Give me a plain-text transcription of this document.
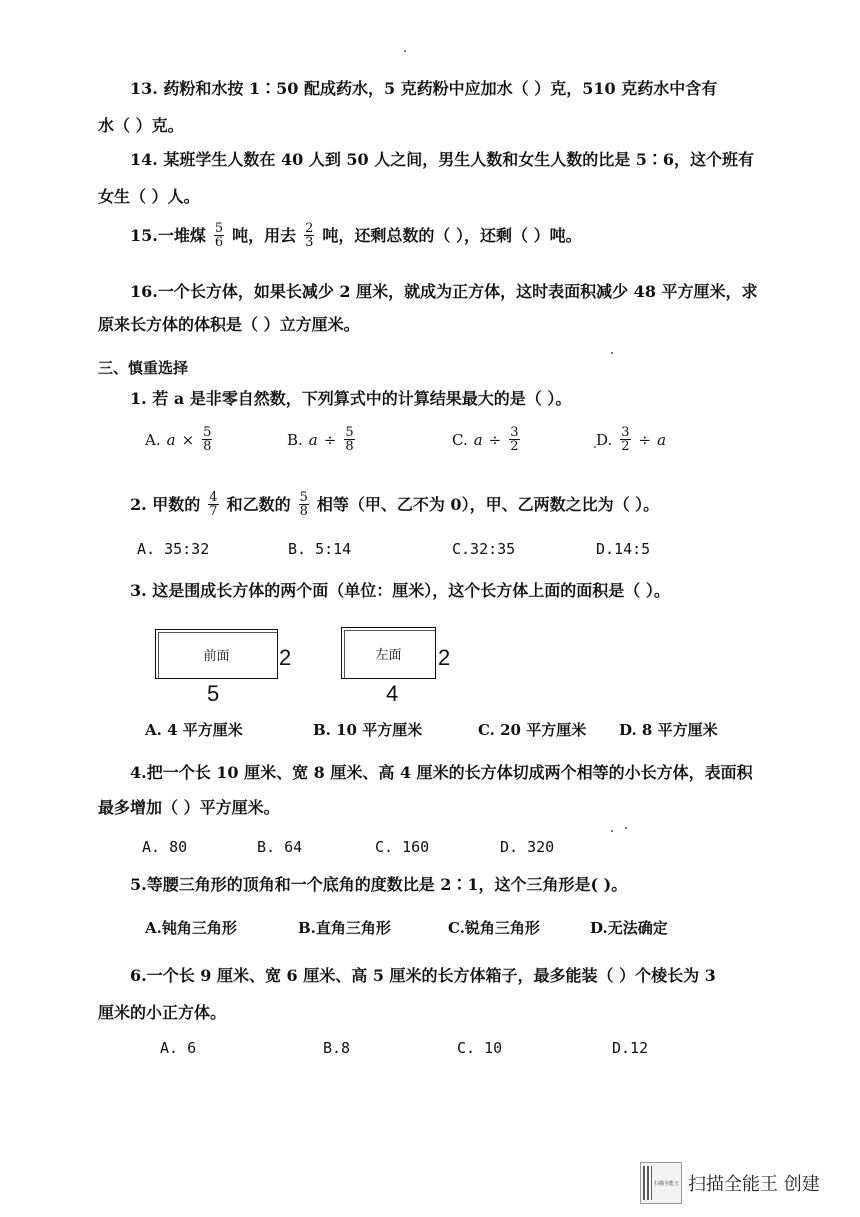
13. 药粉和水按 1∶50 配成药水，5 克药粉中应加水（ ）克，510 克药水中含有
水（ ）克。
14. 某班学生人数在 40 人到 50 人之间，男生人数和女生人数的比是 5∶6，这个班有
女生（ ）人。
15.一堆煤 $\frac{5}{6}$ 吨，用去 $\frac{2}{3}$ 吨，还剩总数的（ ），还剩（ ）吨。
16.一个长方体，如果长减少 2 厘米，就成为正方体，这时表面积减少 48 平方厘米，求
原来长方体的体积是（ ）立方厘米。
三、慎重选择
1. 若 a 是非零自然数，下列算式中的计算结果最大的是（ ）。
A. $a \times \frac{5}{8}$	B. $a \div \frac{5}{8}$	C. $a \div \frac{3}{2}$	D. $\frac{3}{2} \div a$
2. 甲数的 $\frac{4}{7}$ 和乙数的 $\frac{5}{8}$ 相等（甲、乙不为 0），甲、乙两数之比为（ ）。
A. 35:32	B. 5:14	C.32:35	D.14:5
3. 这是围成长方体的两个面（单位：厘米），这个长方体上面的面积是（ ）。
前面 2
5
左面 2
4
A. 4 平方厘米	B. 10 平方厘米	C. 20 平方厘米 D. 8 平方厘米
4.把一个长 10 厘米、宽 8 厘米、高 4 厘米的长方体切成两个相等的小长方体，表面积
最多增加（ ）平方厘米。
A. 80	B. 64	C. 160	D. 320
5.等腰三角形的顶角和一个底角的度数比是 2∶1，这个三角形是( )。
A.钝角三角形	B.直角三角形	C.锐角三角形	D.无法确定
6.一个长 9 厘米、宽 6 厘米、高 5 厘米的长方体箱子，最多能装（ ）个棱长为 3
厘米的小正方体。
A. 6	B.8	C. 10	D.12
扫描全能王 扫描全能王 创建
